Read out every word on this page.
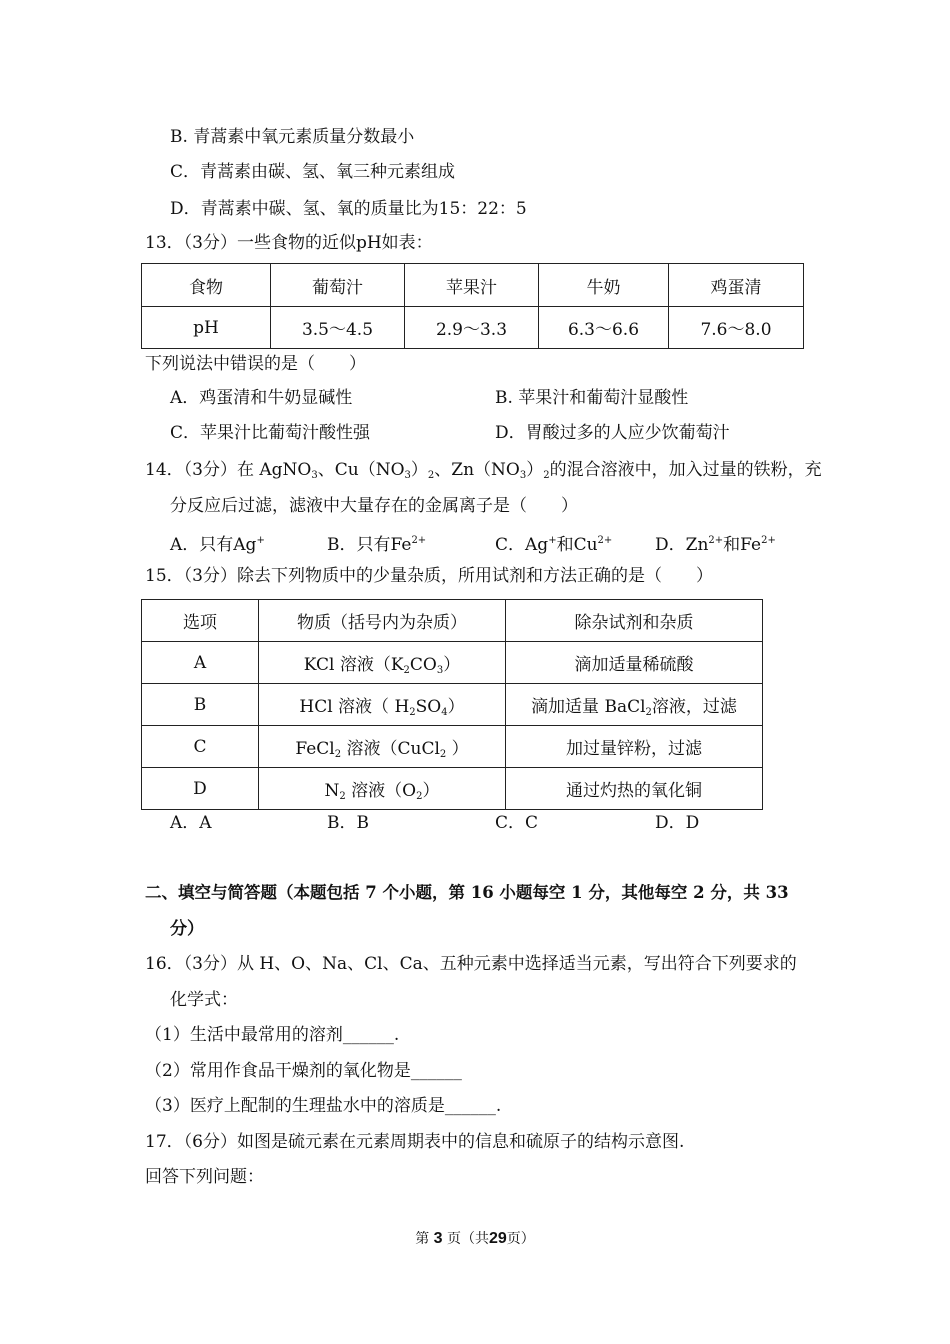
B. 青蒿素中氧元素质量分数最小
C．青蒿素由碳、氢、氧三种元素组成
D．青蒿素中碳、氢、氧的质量比为15：22：5
13．（3分）一些食物的近似pH如表：
食物	葡萄汁	苹果汁	牛奶	鸡蛋清
pH	3.5～4.5	2.9～3.3	6.3～6.6	7.6～8.0
下列说法中错误的是（　　）
A．鸡蛋清和牛奶显碱性	B. 苹果汁和葡萄汁显酸性
C．苹果汁比葡萄汁酸性强	D．胃酸过多的人应少饮葡萄汁
14．（3分）在 AgNO$_3$、$Cu(NO_3)_2$、$Zn(NO_3)_2$的混合溶液中，加入过量的铁粉，充
分反应后过滤，滤液中大量存在的金属离子是（　　）
A．只有Ag+	B．只有$Fe^{2+}$	C．Ag+和$Cu^{2+}$	D．$Zn^{2+}$和$Fe^{2+}$
15．（3分）除去下列物质中的少量杂质，所用试剂和方法正确的是（　　）
选项	物质（括号内为杂质）	除杂试剂和杂质
A	KCl 溶液$(K_2CO_3)$	滴加适量稀硫酸
B	HCl 溶液（ $H_2SO_4$）	滴加适量 BaCl$_2$溶液，过滤
C	FeCl$_2$ 溶液（CuCl$_2$ ）	加过量锌粉，过滤
D	$N_2$ 溶液$(O_2)$	通过灼热的氧化铜
A．A	B．B	C．C	D．D
二、填空与简答题（本题包括 7 个小题，第 16 小题每空 1 分，其他每空 2 分，共 33
分）
16．（3分）从 H、O、Na、Cl、Ca、五种元素中选择适当元素，写出符合下列要求的
化学式：
（1）生活中最常用的溶剂______.
（2）常用作食品干燥剂的氧化物是______
（3）医疗上配制的生理盐水中的溶质是______.
17．（6分）如图是硫元素在元素周期表中的信息和硫原子的结构示意图.
回答下列问题：
第 3 页（共29页）
